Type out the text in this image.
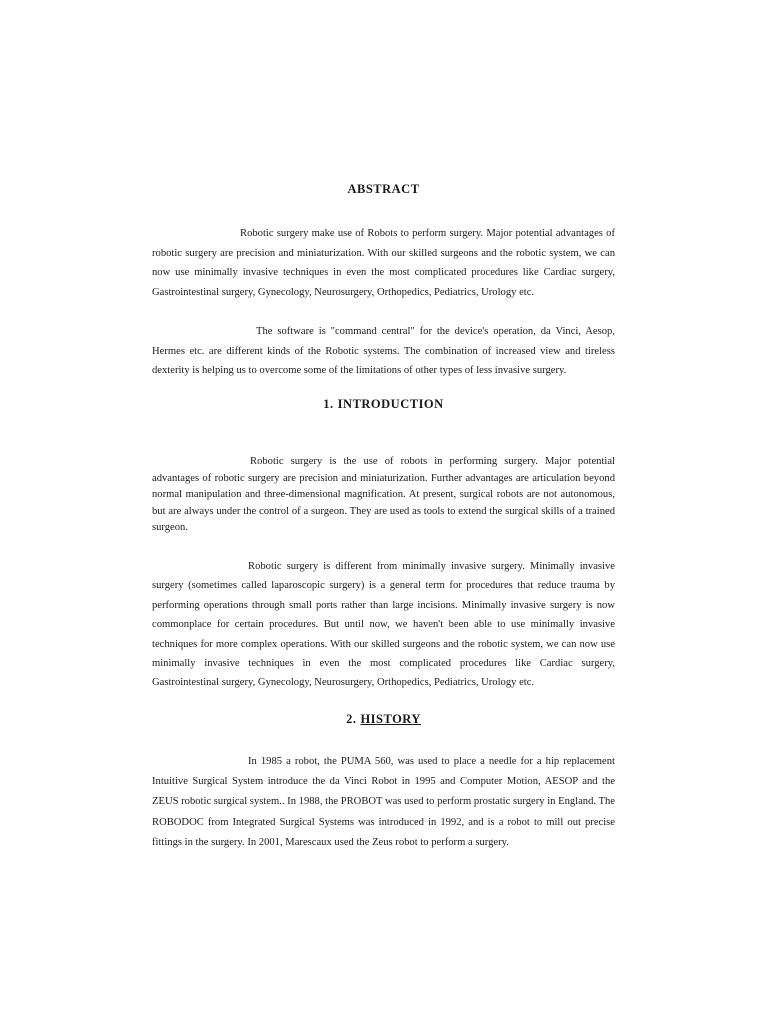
ABSTRACT

Robotic surgery make use of Robots to perform surgery. Major potential advantages of robotic surgery are precision and miniaturization. With our skilled surgeons and the robotic system, we can now use minimally invasive techniques in even the most complicated procedures like Cardiac surgery, Gastrointestinal surgery, Gynecology, Neurosurgery, Orthopedics, Pediatrics, Urology etc.

The software is "command central" for the device's operation, da Vinci, Aesop, Hermes etc. are different kinds of the Robotic systems. The combination of increased view and tireless dexterity is helping us to overcome some of the limitations of other types of less invasive surgery.

1. INTRODUCTION

Robotic surgery is the use of robots in performing surgery. Major potential advantages of robotic surgery are precision and miniaturization. Further advantages are articulation beyond normal manipulation and three-dimensional magnification. At present, surgical robots are not autonomous, but are always under the control of a surgeon. They are used as tools to extend the surgical skills of a trained surgeon.

Robotic surgery is different from minimally invasive surgery. Minimally invasive surgery (sometimes called laparoscopic surgery) is a general term for procedures that reduce trauma by performing operations through small ports rather than large incisions. Minimally invasive surgery is now commonplace for certain procedures. But until now, we haven't been able to use minimally invasive techniques for more complex operations. With our skilled surgeons and the robotic system, we can now use minimally invasive techniques in even the most complicated procedures like Cardiac surgery, Gastrointestinal surgery, Gynecology, Neurosurgery, Orthopedics, Pediatrics, Urology etc.

2. HISTORY

In 1985 a robot, the PUMA 560, was used to place a needle for a hip replacement Intuitive Surgical System introduce the da Vinci Robot in 1995 and Computer Motion, AESOP and the ZEUS robotic surgical system.. In 1988, the PROBOT was used to perform prostatic surgery in England. The ROBODOC from Integrated Surgical Systems was introduced in 1992, and is a robot to mill out precise fittings in the surgery. In 2001, Marescaux used the Zeus robot to perform a surgery.
